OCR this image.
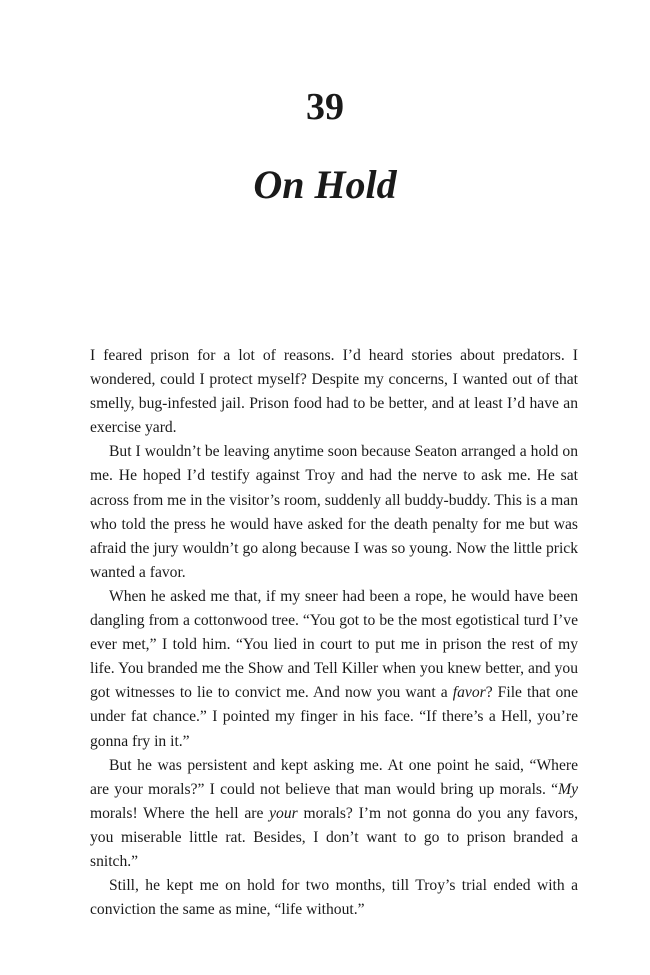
39
On Hold

I feared prison for a lot of reasons. I’d heard stories about predators. I wondered, could I protect myself? Despite my concerns, I wanted out of that smelly, bug-infested jail. Prison food had to be better, and at least I’d have an exercise yard.

But I wouldn’t be leaving anytime soon because Seaton arranged a hold on me. He hoped I’d testify against Troy and had the nerve to ask me. He sat across from me in the visitor’s room, suddenly all buddy-buddy. This is a man who told the press he would have asked for the death penalty for me but was afraid the jury wouldn’t go along because I was so young. Now the little prick wanted a favor.

When he asked me that, if my sneer had been a rope, he would have been dangling from a cottonwood tree. “You got to be the most egotistical turd I’ve ever met,” I told him. “You lied in court to put me in prison the rest of my life. You branded me the Show and Tell Killer when you knew better, and you got witnesses to lie to convict me. And now you want a favor? File that one under fat chance.” I pointed my finger in his face. “If there’s a Hell, you’re gonna fry in it.”

But he was persistent and kept asking me. At one point he said, “Where are your morals?” I could not believe that man would bring up morals. “My morals! Where the hell are your morals? I’m not gonna do you any favors, you miserable little rat. Besides, I don’t want to go to prison branded a snitch.”

Still, he kept me on hold for two months, till Troy’s trial ended with a conviction the same as mine, “life without.”
